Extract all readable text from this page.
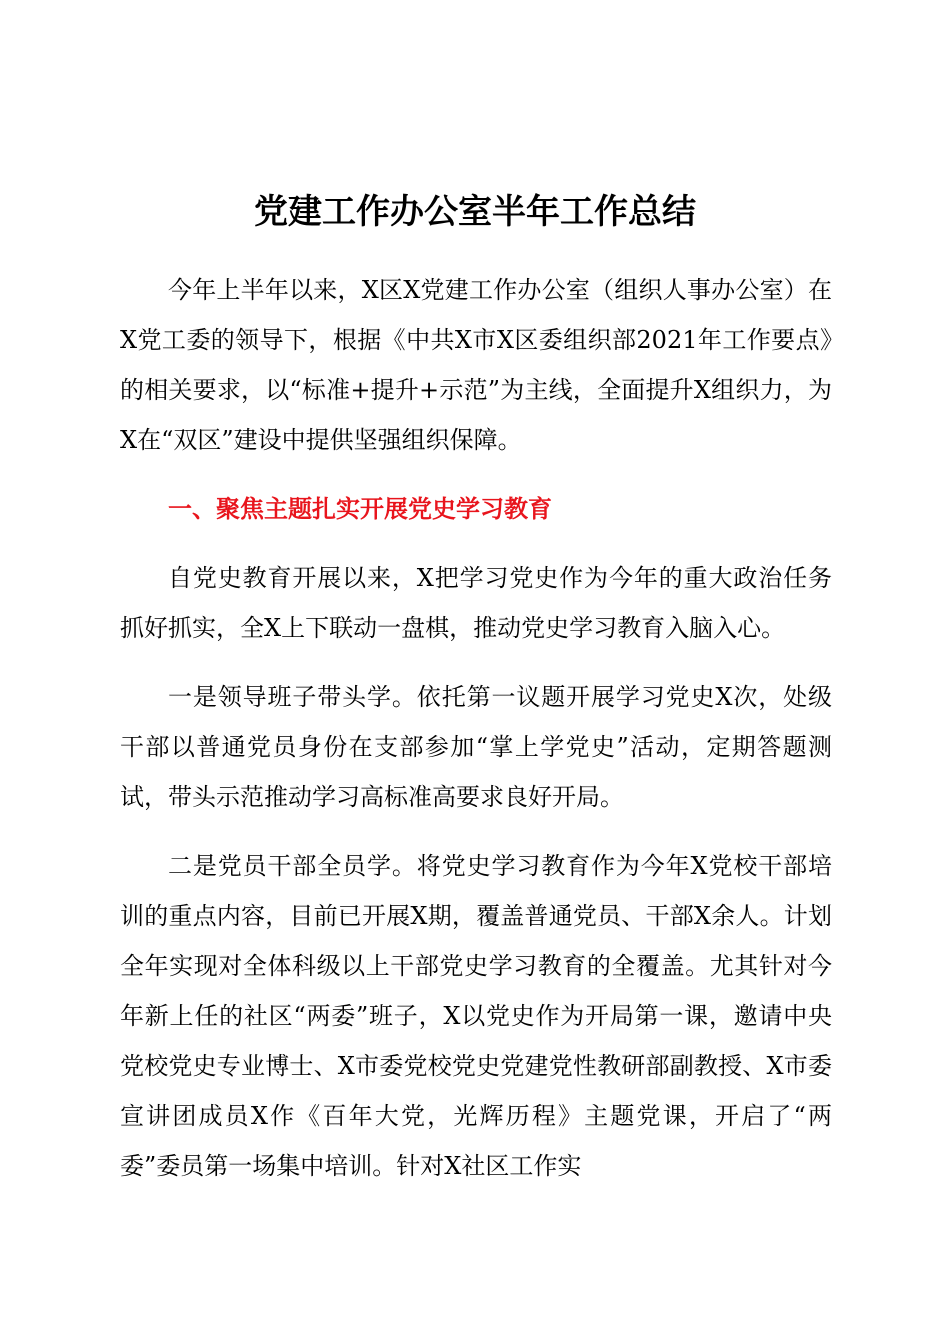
党建工作办公室半年工作总结

今年上半年以来，X区X党建工作办公室（组织人事办公室）在X党工委的领导下，根据《中共X市X区委组织部2021年工作要点》的相关要求，以“标准+提升+示范”为主线，全面提升X组织力，为X在“双区”建设中提供坚强组织保障。

一、聚焦主题扎实开展党史学习教育

自党史教育开展以来，X把学习党史作为今年的重大政治任务抓好抓实，全X上下联动一盘棋，推动党史学习教育入脑入心。

一是领导班子带头学。依托第一议题开展学习党史X次，处级干部以普通党员身份在支部参加“掌上学党史”活动，定期答题测试，带头示范推动学习高标准高要求良好开局。

二是党员干部全员学。将党史学习教育作为今年X党校干部培训的重点内容，目前已开展X期，覆盖普通党员、干部X余人。计划全年实现对全体科级以上干部党史学习教育的全覆盖。尤其针对今年新上任的社区“两委”班子，X以党史作为开局第一课，邀请中央党校党史专业博士、X市委党校党史党建党性教研部副教授、X市委宣讲团成员X作《百年大党，光辉历程》主题党课，开启了“两委”委员第一场集中培训。针对X社区工作实
